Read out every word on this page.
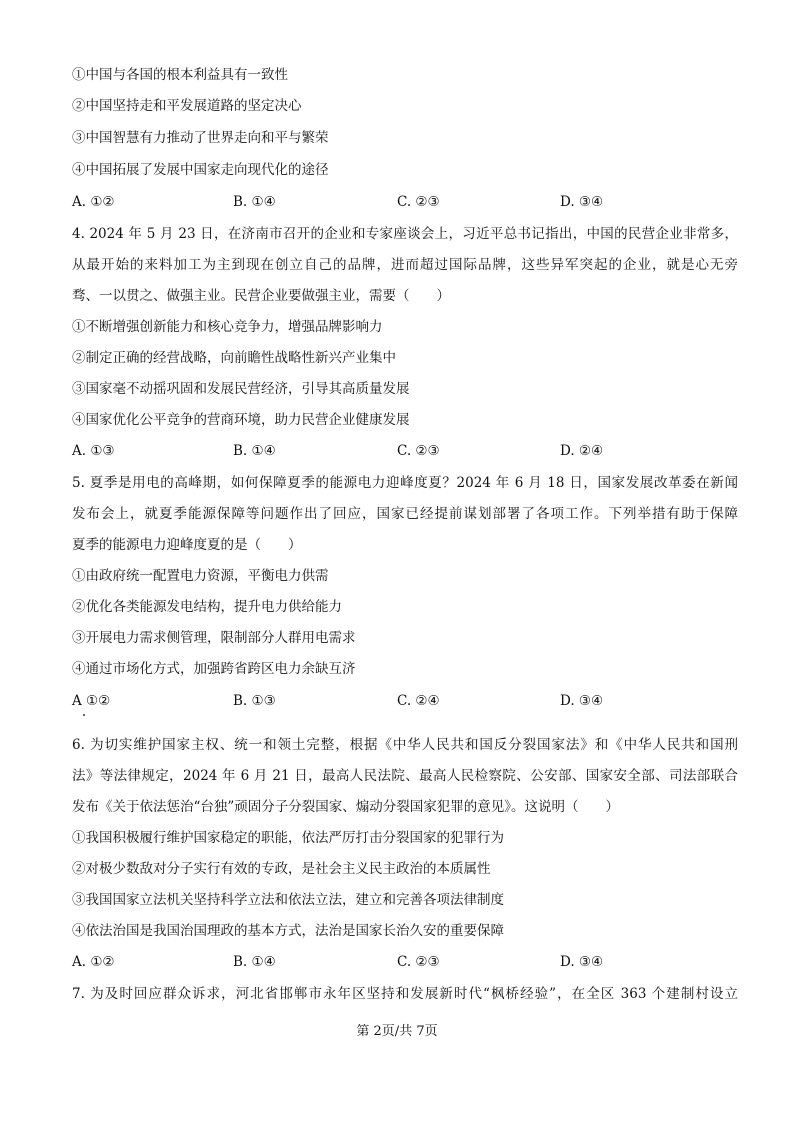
①中国与各国的根本利益具有一致性
②中国坚持走和平发展道路的坚定决心
③中国智慧有力推动了世界走向和平与繁荣
④中国拓展了发展中国家走向现代化的途径
A. ①②	B. ①④	C. ②③	D. ③④
4. 2024 年 5 月 23 日，在济南市召开的企业和专家座谈会上，习近平总书记指出，中国的民营企业非常多，
从最开始的来料加工为主到现在创立自己的品牌，进而超过国际品牌，这些异军突起的企业，就是心无旁
骛、一以贯之、做强主业。民营企业要做强主业，需要（　　）
①不断增强创新能力和核心竞争力，增强品牌影响力
②制定正确的经营战略，向前瞻性战略性新兴产业集中
③国家毫不动摇巩固和发展民营经济，引导其高质量发展
④国家优化公平竞争的营商环境，助力民营企业健康发展
A. ①③	B. ①④	C. ②③	D. ②④
5. 夏季是用电的高峰期，如何保障夏季的能源电力迎峰度夏？2024 年 6 月 18 日，国家发展改革委在新闻
发布会上，就夏季能源保障等问题作出了回应，国家已经提前谋划部署了各项工作。下列举措有助于保障
夏季的能源电力迎峰度夏的是（　　）
①由政府统一配置电力资源，平衡电力供需
②优化各类能源发电结构，提升电力供给能力
③开展电力需求侧管理，限制部分人群用电需求
④通过市场化方式，加强跨省跨区电力余缺互济
A ①②	B. ①③	C. ②④	D. ③④
6. 为切实维护国家主权、统一和领土完整，根据《中华人民共和国反分裂国家法》和《中华人民共和国刑
法》等法律规定，2024 年 6 月 21 日，最高人民法院、最高人民检察院、公安部、国家安全部、司法部联合
发布《关于依法惩治“台独”顽固分子分裂国家、煽动分裂国家犯罪的意见》。这说明（　　）
①我国积极履行维护国家稳定的职能，依法严厉打击分裂国家的犯罪行为
②对极少数敌对分子实行有效的专政，是社会主义民主政治的本质属性
③我国国家立法机关坚持科学立法和依法立法，建立和完善各项法律制度
④依法治国是我国治国理政的基本方式，法治是国家长治久安的重要保障
A. ①②	B. ①④	C. ②③	D. ③④
7. 为及时回应群众诉求，河北省邯郸市永年区坚持和发展新时代“枫桥经验”，在全区 363 个建制村设立
第 2页/共 7页
